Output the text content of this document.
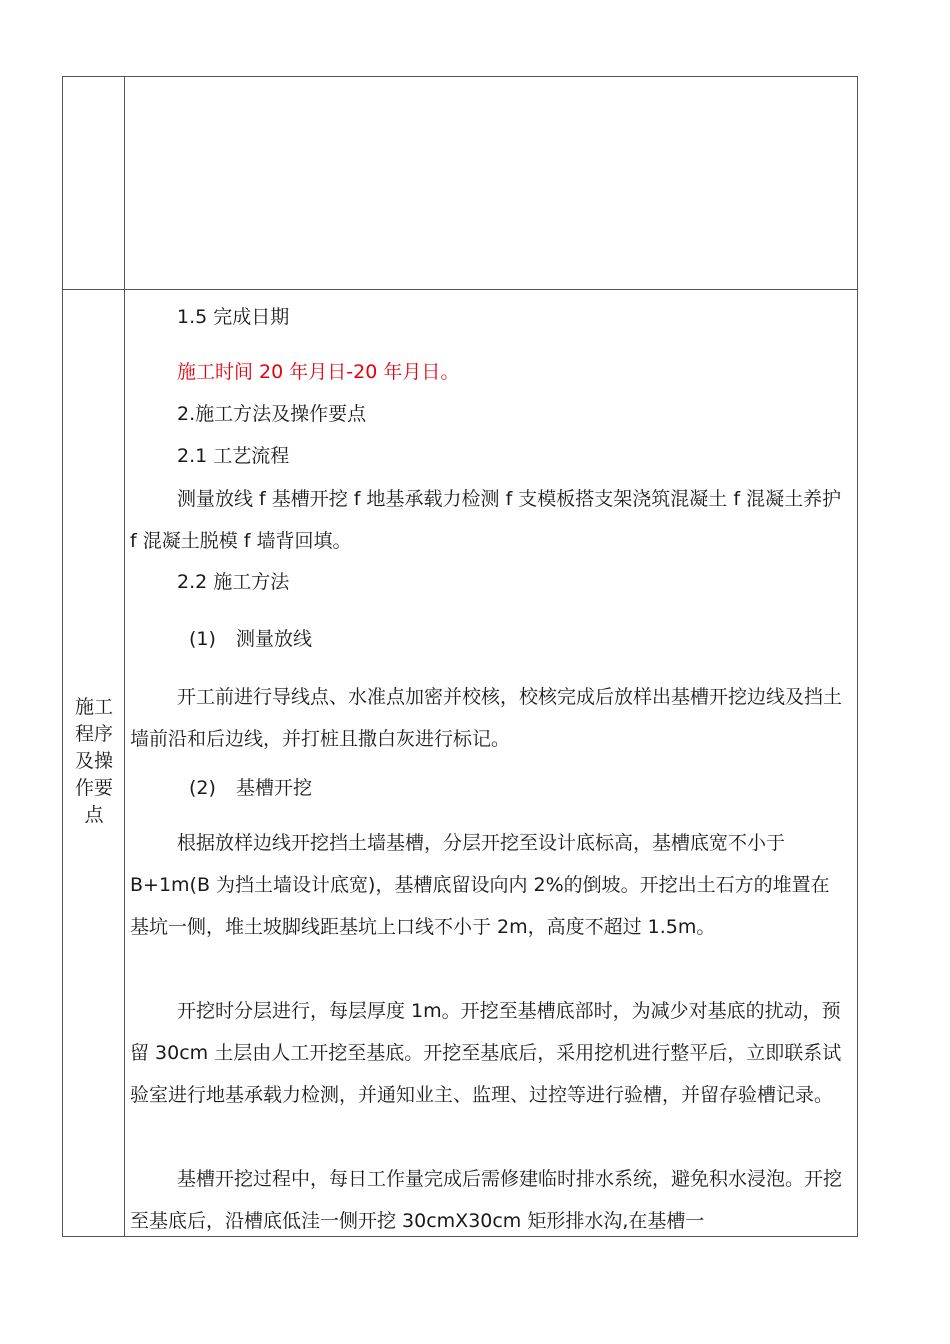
施工
程序
及操
作要
点

1.5 完成日期

施工时间 20 年月日-20 年月日。

2.施工方法及操作要点

2.1 工艺流程

测量放线 f 基槽开挖 f 地基承载力检测 f 支模板搭支架浇筑混凝土 f 混凝土养护 f 混凝土脱模 f 墙背回填。

2.2 施工方法

(1) 测量放线

开工前进行导线点、水准点加密并校核，校核完成后放样出基槽开挖边线及挡土墙前沿和后边线，并打桩且撒白灰进行标记。

(2) 基槽开挖

根据放样边线开挖挡土墙基槽，分层开挖至设计底标高，基槽底宽不小于 B+1m(B 为挡土墙设计底宽)，基槽底留设向内 2%的倒坡。开挖出土石方的堆置在基坑一侧，堆土坡脚线距基坑上口线不小于 2m，高度不超过 1.5m。

开挖时分层进行，每层厚度 1m。开挖至基槽底部时，为减少对基底的扰动，预留 30cm 土层由人工开挖至基底。开挖至基底后，采用挖机进行整平后，立即联系试验室进行地基承载力检测，并通知业主、监理、过控等进行验槽，并留存验槽记录。

基槽开挖过程中，每日工作量完成后需修建临时排水系统，避免积水浸泡。开挖至基底后，沿槽底低洼一侧开挖 30cmX30cm 矩形排水沟,在基槽一
